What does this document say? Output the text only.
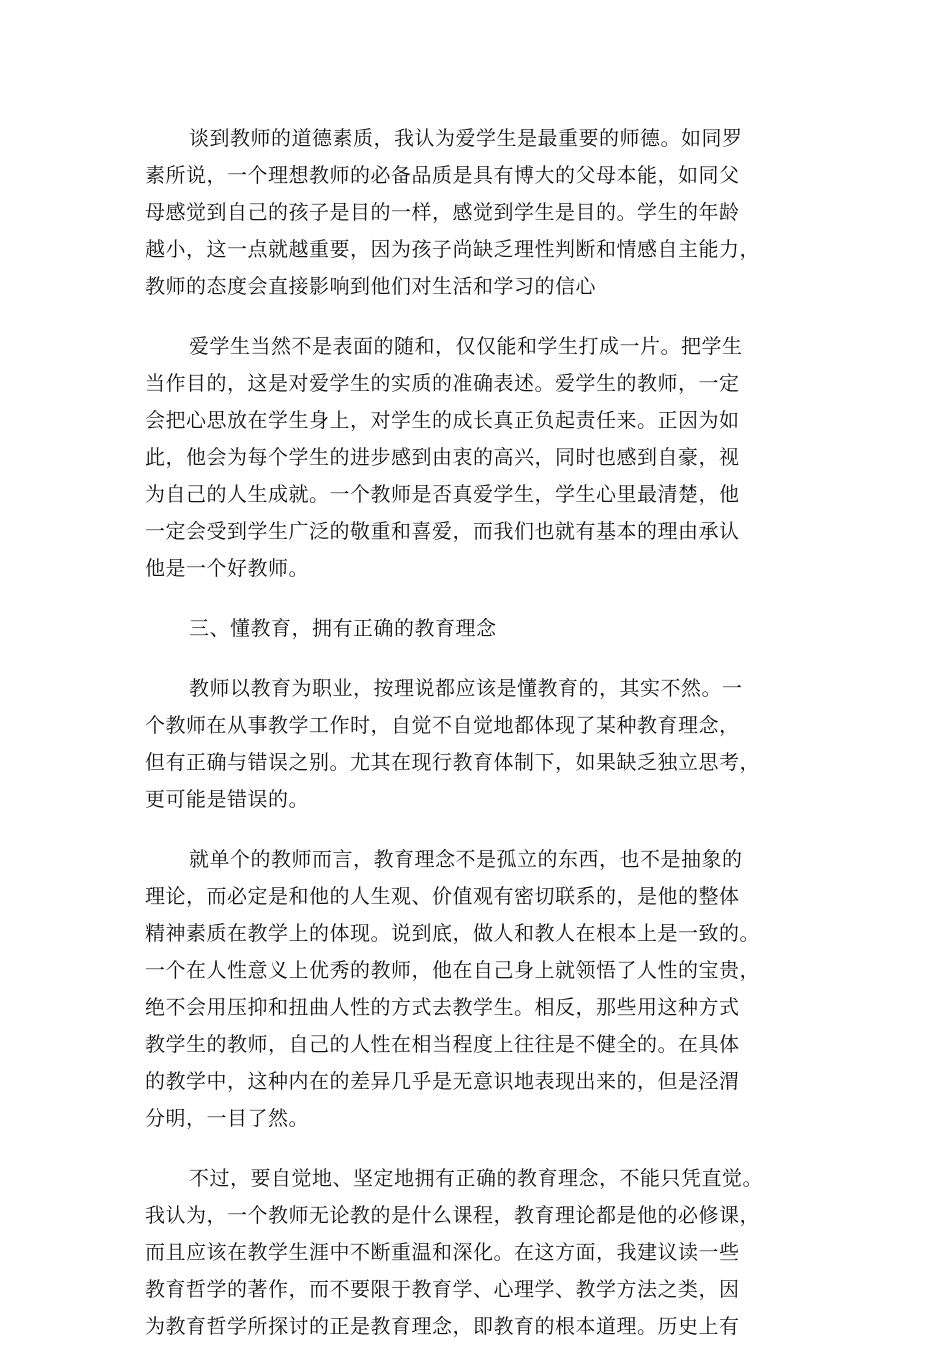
谈到教师的道德素质，我认为爱学生是最重要的师德。如同罗
素所说，一个理想教师的必备品质是具有博大的父母本能，如同父
母感觉到自己的孩子是目的一样，感觉到学生是目的。学生的年龄
越小，这一点就越重要，因为孩子尚缺乏理性判断和情感自主能力，
教师的态度会直接影响到他们对生活和学习的信心

爱学生当然不是表面的随和，仅仅能和学生打成一片。把学生
当作目的，这是对爱学生的实质的准确表述。爱学生的教师，一定
会把心思放在学生身上，对学生的成长真正负起责任来。正因为如
此，他会为每个学生的进步感到由衷的高兴，同时也感到自豪，视
为自己的人生成就。一个教师是否真爱学生，学生心里最清楚，他
一定会受到学生广泛的敬重和喜爱，而我们也就有基本的理由承认
他是一个好教师。

三、懂教育，拥有正确的教育理念

教师以教育为职业，按理说都应该是懂教育的，其实不然。一
个教师在从事教学工作时，自觉不自觉地都体现了某种教育理念，
但有正确与错误之别。尤其在现行教育体制下，如果缺乏独立思考，
更可能是错误的。

就单个的教师而言，教育理念不是孤立的东西，也不是抽象的
理论，而必定是和他的人生观、价值观有密切联系的，是他的整体
精神素质在教学上的体现。说到底，做人和教人在根本上是一致的。
一个在人性意义上优秀的教师，他在自己身上就领悟了人性的宝贵，
绝不会用压抑和扭曲人性的方式去教学生。相反，那些用这种方式
教学生的教师，自己的人性在相当程度上往往是不健全的。在具体
的教学中，这种内在的差异几乎是无意识地表现出来的，但是泾渭
分明，一目了然。

不过，要自觉地、坚定地拥有正确的教育理念，不能只凭直觉。
我认为，一个教师无论教的是什么课程，教育理论都是他的必修课，
而且应该在教学生涯中不断重温和深化。在这方面，我建议读一些
教育哲学的著作，而不要限于教育学、心理学、教学方法之类，因
为教育哲学所探讨的正是教育理念，即教育的根本道理。历史上有
